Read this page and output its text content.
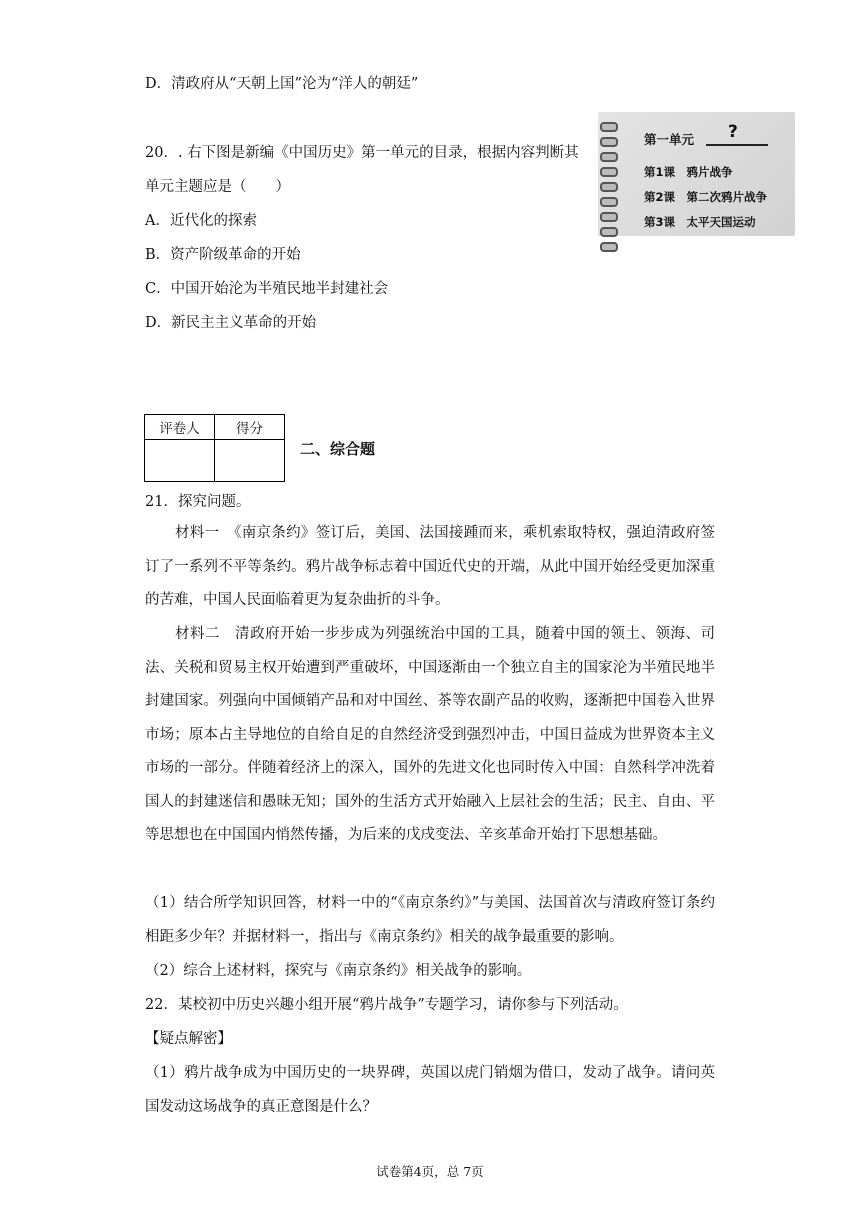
D．清政府从“天朝上国”沦为“洋人的朝廷”
20．. 右下图是新编《中国历史》第一单元的目录，根据内容判断其
单元主题应是（　　）
A．近代化的探索
B．资产阶级革命的开始
C．中国开始沦为半殖民地半封建社会
D．新民主主义革命的开始
第一单元 ?
第1课　鸦片战争
第2课　第二次鸦片战争
第3课　太平天国运动
评卷人	得分

二、综合题
21．探究问题。
材料一　《南京条约》签订后，美国、法国接踵而来，乘机索取特权，强迫清政府签订了一系列不平等条约。鸦片战争标志着中国近代史的开端，从此中国开始经受更加深重的苦难，中国人民面临着更为复杂曲折的斗争。
材料二　清政府开始一步步成为列强统治中国的工具，随着中国的领土、领海、司法、关税和贸易主权开始遭到严重破坏，中国逐渐由一个独立自主的国家沦为半殖民地半封建国家。列强向中国倾销产品和对中国丝、茶等农副产品的收购，逐渐把中国卷入世界市场；原本占主导地位的自给自足的自然经济受到强烈冲击，中国日益成为世界资本主义市场的一部分。伴随着经济上的深入，国外的先进文化也同时传入中国：自然科学冲洗着国人的封建迷信和愚昧无知；国外的生活方式开始融入上层社会的生活；民主、自由、平等思想也在中国国内悄然传播，为后来的戊戌变法、辛亥革命开始打下思想基础。
（1）结合所学知识回答，材料一中的“《南京条约》”与美国、法国首次与清政府签订条约相距多少年？并据材料一，指出与《南京条约》相关的战争最重要的影响。
（2）综合上述材料，探究与《南京条约》相关战争的影响。
22．某校初中历史兴趣小组开展“鸦片战争”专题学习，请你参与下列活动。
【疑点解密】
（1）鸦片战争成为中国历史的一块界碑，英国以虎门销烟为借口，发动了战争。请问英国发动这场战争的真正意图是什么？
试卷第4页，总 7页
